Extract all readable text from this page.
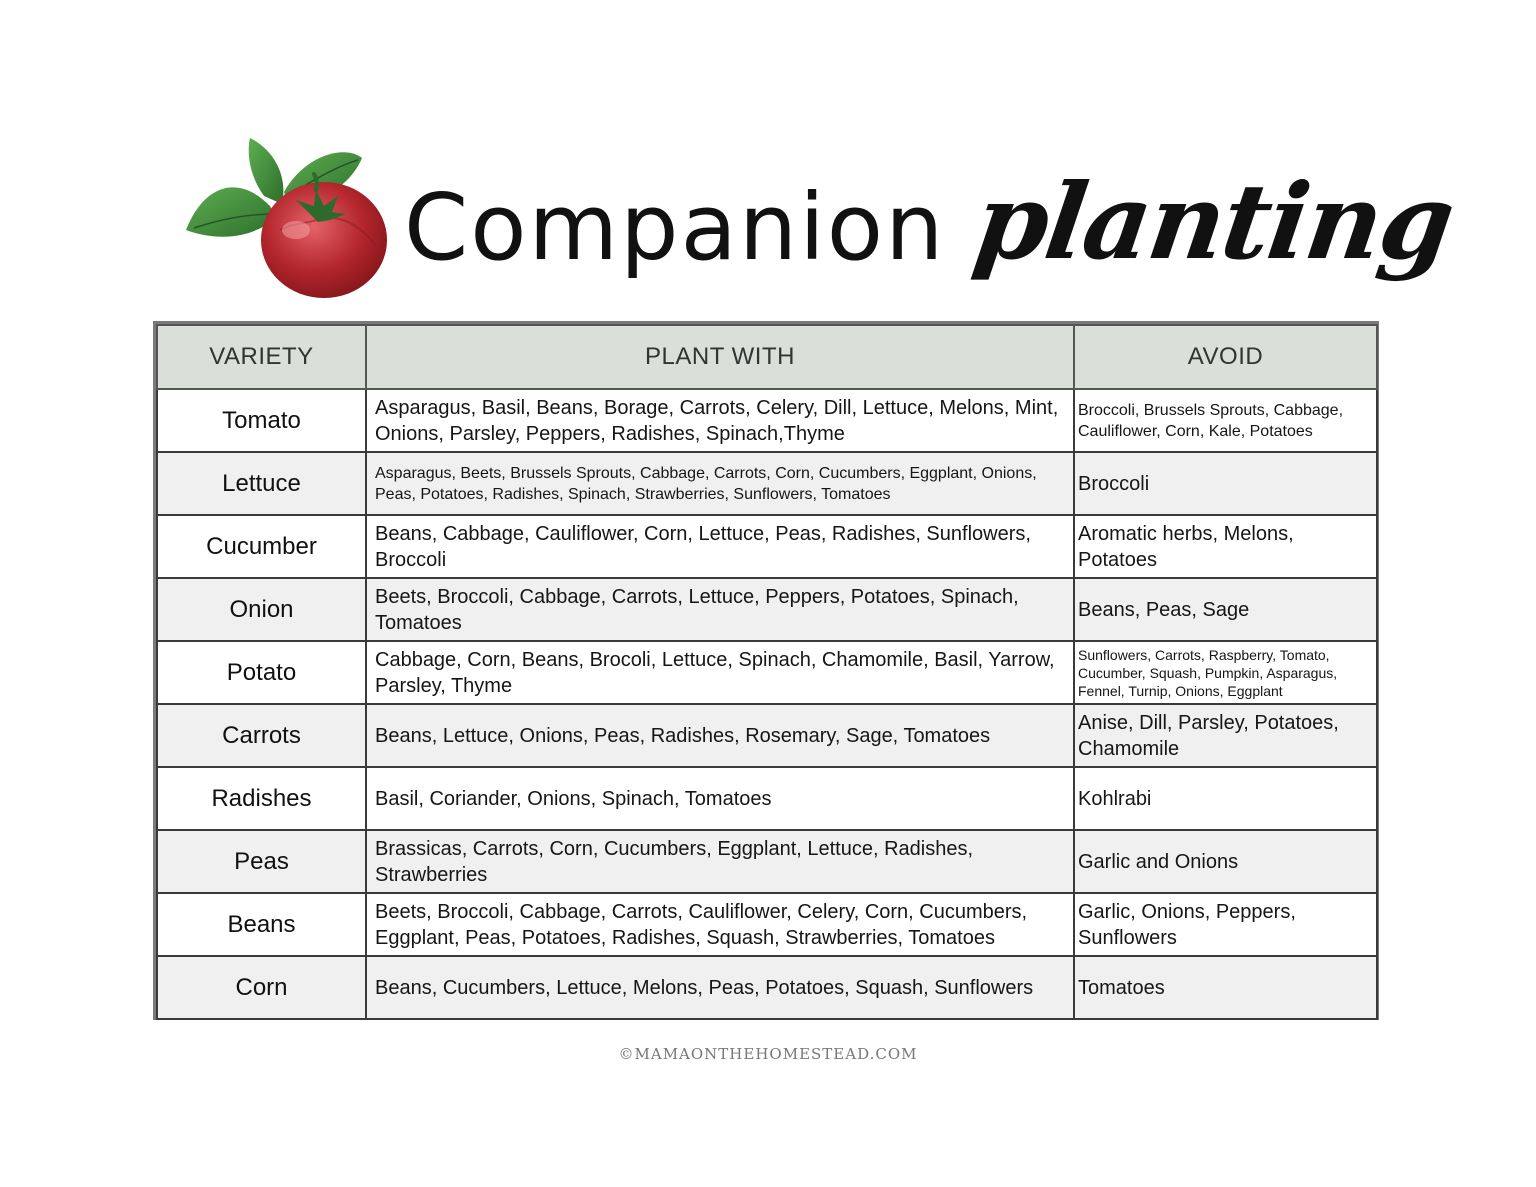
Companion planting
VARIETY	PLANT WITH	AVOID
Tomato	Asparagus, Basil, Beans, Borage, Carrots, Celery, Dill, Lettuce, Melons, Mint, Onions, Parsley, Peppers, Radishes, Spinach,Thyme	Broccoli, Brussels Sprouts, Cabbage, Cauliflower, Corn, Kale, Potatoes
Lettuce	Asparagus, Beets, Brussels Sprouts, Cabbage, Carrots, Corn, Cucumbers, Eggplant, Onions, Peas, Potatoes, Radishes, Spinach, Strawberries, Sunflowers, Tomatoes	Broccoli
Cucumber	Beans, Cabbage, Cauliflower, Corn, Lettuce, Peas, Radishes, Sunflowers, Broccoli	Aromatic herbs, Melons, Potatoes
Onion	Beets, Broccoli, Cabbage, Carrots, Lettuce, Peppers, Potatoes, Spinach, Tomatoes	Beans, Peas, Sage
Potato	Cabbage, Corn, Beans, Brocoli, Lettuce, Spinach, Chamomile, Basil, Yarrow, Parsley, Thyme	Sunflowers, Carrots, Raspberry, Tomato, Cucumber, Squash, Pumpkin, Asparagus, Fennel, Turnip, Onions, Eggplant
Carrots	Beans, Lettuce, Onions, Peas, Radishes, Rosemary, Sage, Tomatoes	Anise, Dill, Parsley, Potatoes, Chamomile
Radishes	Basil, Coriander, Onions, Spinach, Tomatoes	Kohlrabi
Peas	Brassicas, Carrots, Corn, Cucumbers, Eggplant, Lettuce, Radishes, Strawberries	Garlic and Onions
Beans	Beets, Broccoli, Cabbage, Carrots, Cauliflower, Celery, Corn, Cucumbers, Eggplant, Peas, Potatoes, Radishes, Squash, Strawberries, Tomatoes	Garlic, Onions, Peppers, Sunflowers
Corn	Beans, Cucumbers, Lettuce, Melons, Peas, Potatoes, Squash, Sunflowers	Tomatoes
©MAMAONTHEHOMESTEAD.COM
